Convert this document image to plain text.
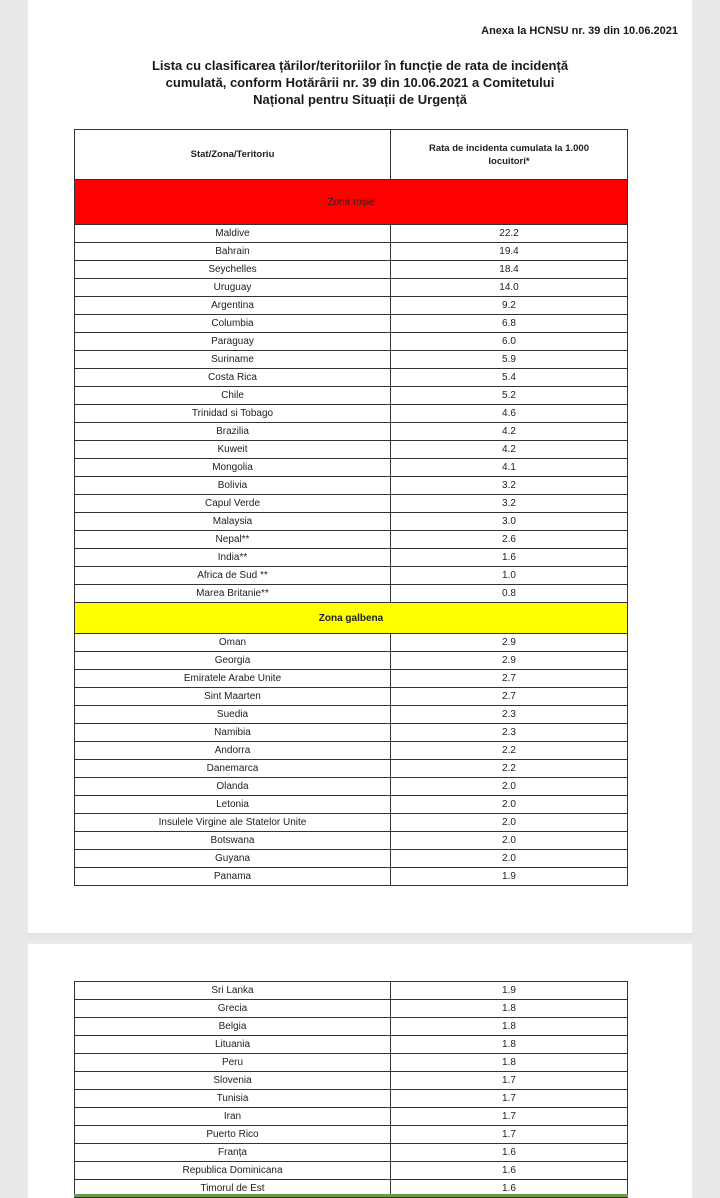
Anexa la HCNSU nr. 39 din 10.06.2021
Lista cu clasificarea țărilor/teritoriilor în funcție de rata de incidență
cumulată, conform Hotărârii nr. 39 din 10.06.2021 a Comitetului
Național pentru Situații de Urgență
Stat/Zona/Teritoriu	Rata de incidenta cumulata la 1.000 locuitori*
Zona roșie	
Maldive	22.2
Bahrain	19.4
Seychelles	18.4
Uruguay	14.0
Argentina	9.2
Columbia	6.8
Paraguay	6.0
Suriname	5.9
Costa Rica	5.4
Chile	5.2
Trinidad si Tobago	4.6
Brazilia	4.2
Kuweit	4.2
Mongolia	4.1
Bolivia	3.2
Capul Verde	3.2
Malaysia	3.0
Nepal**	2.6
India**	1.6
Africa de Sud **	1.0
Marea Britanie**	0.8
Zona galbena	
Oman	2.9
Georgia	2.9
Emiratele Arabe Unite	2.7
Sint Maarten	2.7
Suedia	2.3
Namibia	2.3
Andorra	2.2
Danemarca	2.2
Olanda	2.0
Letonia	2.0
Insulele Virgine ale Statelor Unite	2.0
Botswana	2.0
Guyana	2.0
Panama	1.9
Sri Lanka	1.9
Grecia	1.8
Belgia	1.8
Lituania	1.8
Peru	1.8
Slovenia	1.7
Tunisia	1.7
Iran	1.7
Puerto Rico	1.7
Franța	1.6
Republica Dominicana	1.6
Timorul de Est	1.6
